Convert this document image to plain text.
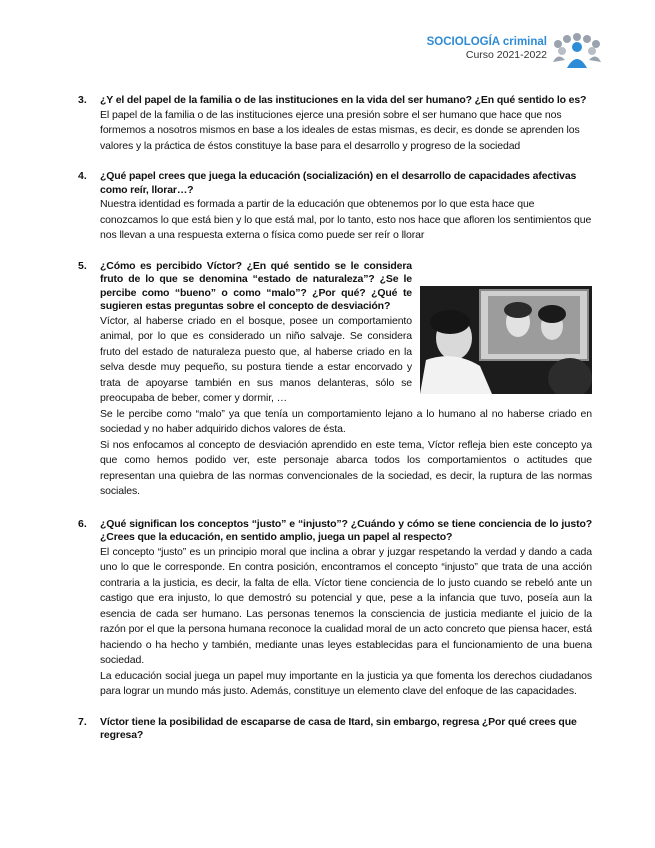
SOCIOLOGÍA criminal
Curso 2021-2022
3. ¿Y el del papel de la familia o de las instituciones en la vida del ser humano? ¿En qué sentido lo es?
El papel de la familia o de las instituciones ejerce una presión sobre el ser humano que hace que nos formemos a nosotros mismos en base a los ideales de estas mismas, es decir, es donde se aprenden los valores y la práctica de éstos constituye la base para el desarrollo y progreso de la sociedad
4. ¿Qué papel crees que juega la educación (socialización) en el desarrollo de capacidades afectivas como reír, llorar…?
Nuestra identidad es formada a partir de la educación que obtenemos por lo que esta hace que conozcamos lo que está bien y lo que está mal, por lo tanto, esto nos hace que afloren los sentimientos que nos llevan a una respuesta externa o física como puede ser reír o llorar
5. ¿Cómo es percibido Víctor? ¿En qué sentido se le considera fruto de lo que se denomina “estado de naturaleza”? ¿Se le percibe como “bueno” o como “malo”? ¿Por qué? ¿Qué te sugieren estas preguntas sobre el concepto de desviación?
Víctor, al haberse criado en el bosque, posee un comportamiento animal, por lo que es considerado un niño salvaje. Se considera fruto del estado de naturaleza puesto que, al haberse criado en la selva desde muy pequeño, su postura tiende a estar encorvado y trata de apoyarse también en sus manos delanteras, sólo se preocupaba de beber, comer y dormir, …
Se le percibe como “malo” ya que tenía un comportamiento lejano a lo humano al no haberse criado en sociedad y no haber adquirido dichos valores de ésta.
Si nos enfocamos al concepto de desviación aprendido en este tema, Víctor refleja bien este concepto ya que como hemos podido ver, este personaje abarca todos los comportamientos o actitudes que representan una quiebra de las normas convencionales de la sociedad, es decir, la ruptura de las normas sociales.
6. ¿Qué significan los conceptos “justo” e “injusto”? ¿Cuándo y cómo se tiene conciencia de lo justo? ¿Crees que la educación, en sentido amplio, juega un papel al respecto?
El concepto “justo” es un principio moral que inclina a obrar y juzgar respetando la verdad y dando a cada uno lo que le corresponde. En contra posición, encontramos el concepto “injusto” que trata de una acción contraria a la justicia, es decir, la falta de ella. Víctor tiene conciencia de lo justo cuando se rebeló ante un castigo que era injusto, lo que demostró su potencial y que, pese a la infancia que tuvo, poseía aun la esencia de cada ser humano. Las personas tenemos la consciencia de justicia mediante el juicio de la razón por el que la persona humana reconoce la cualidad moral de un acto concreto que piensa hacer, está haciendo o ha hecho y también, mediante unas leyes establecidas para el funcionamiento de una buena sociedad.
La educación social juega un papel muy importante en la justicia ya que fomenta los derechos ciudadanos para lograr un mundo más justo. Además, constituye un elemento clave del enfoque de las capacidades.
7. Víctor tiene la posibilidad de escaparse de casa de Itard, sin embargo, regresa ¿Por qué crees que regresa?
